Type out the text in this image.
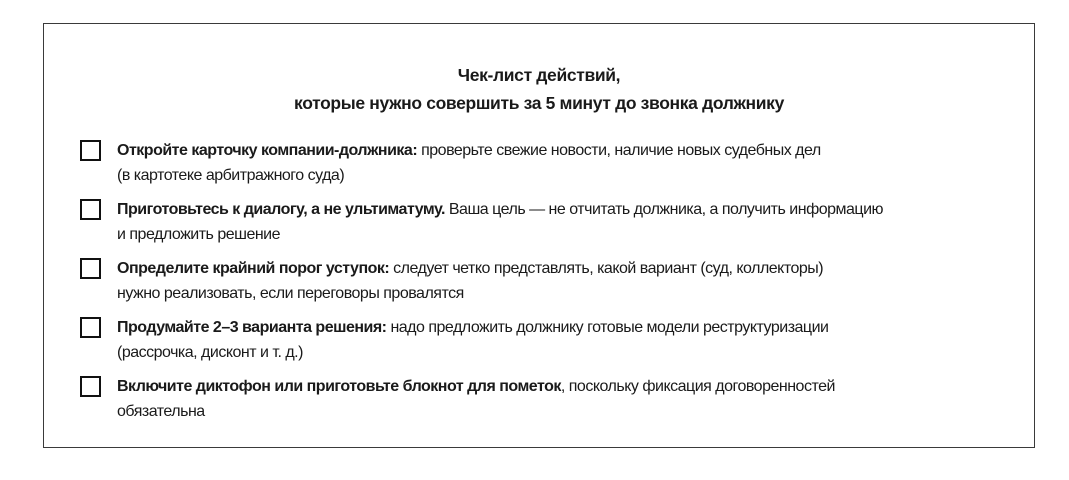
Чек-лист действий,
которые нужно совершить за 5 минут до звонка должнику
Откройте карточку компании-должника: проверьте свежие новости, наличие новых судебных дел
(в картотеке арбитражного суда)
Приготовьтесь к диалогу, а не ультиматуму. Ваша цель — не отчитать должника, а получить информацию
и предложить решение
Определите крайний порог уступок: следует четко представлять, какой вариант (суд, коллекторы)
нужно реализовать, если переговоры провалятся
Продумайте 2–3 варианта решения: надо предложить должнику готовые модели реструктуризации
(рассрочка, дисконт и т. д.)
Включите диктофон или приготовьте блокнот для пометок, поскольку фиксация договоренностей
обязательна
